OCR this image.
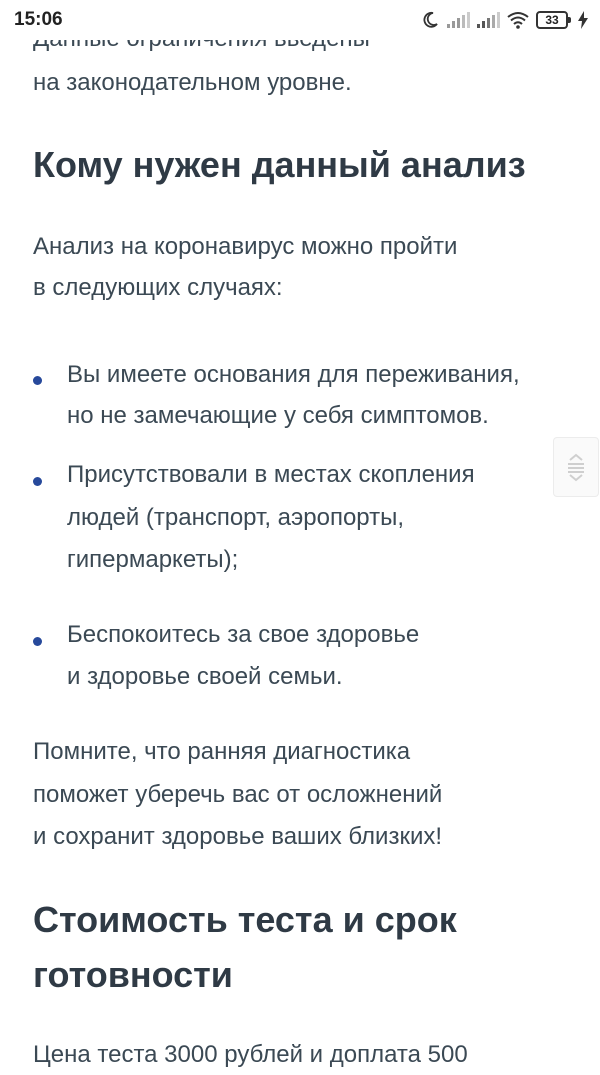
15:06	33
на законодательном уровне.
Кому нужен данный анализ
Анализ на коронавирус можно пройти
в следующих случаях:
Вы имеете основания для переживания,
но не замечающие у себя симптомов.
Присутствовали в местах скопления
людей (транспорт, аэропорты,
гипермаркеты);
Беспокоитесь за свое здоровье
и здоровье своей семьи.
Помните, что ранняя диагностика
поможет уберечь вас от осложнений
и сохранит здоровье ваших близких!
Стоимость теста и срок
готовности
Цена теста 3000 рублей и доплата 500
